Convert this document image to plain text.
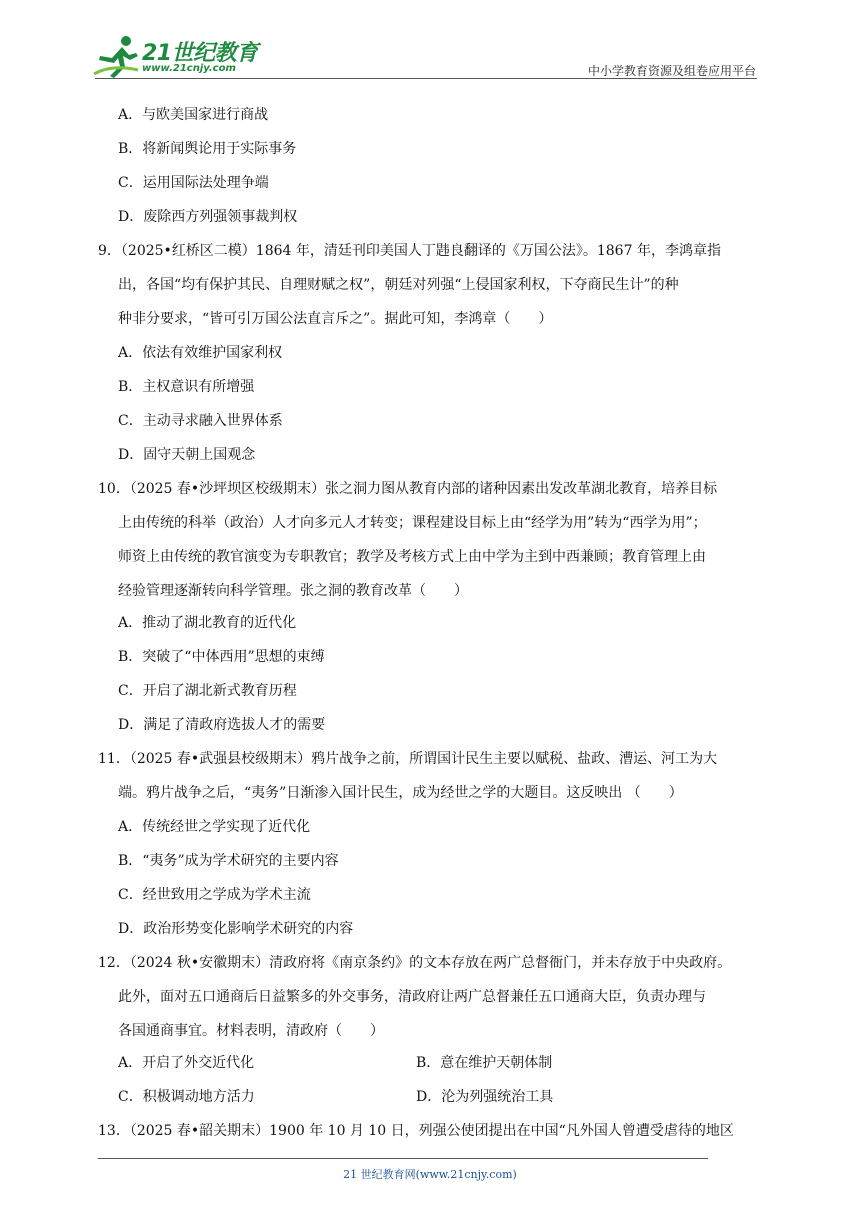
21世纪教育
www.21cnjy.com	中小学教育资源及组卷应用平台
A．与欧美国家进行商战
B．将新闻舆论用于实际事务
C．运用国际法处理争端
D．废除西方列强领事裁判权
9．（2025•红桥区二模）1864 年，清廷刊印美国人丁韪良翻译的《万国公法》。1867 年，李鸿章指
出，各国“均有保护其民、自理财赋之权”，朝廷对列强“上侵国家利权，下夺商民生计”的种
种非分要求，“皆可引万国公法直言斥之”。据此可知，李鸿章（　　）
A．依法有效维护国家利权
B．主权意识有所增强
C．主动寻求融入世界体系
D．固守天朝上国观念
10．（2025 春•沙坪坝区校级期末）张之洞力图从教育内部的诸种因素出发改革湖北教育，培养目标
上由传统的科举（政治）人才向多元人才转变；课程建设目标上由“经学为用”转为“西学为用”；
师资上由传统的教官演变为专职教官；教学及考核方式上由中学为主到中西兼顾；教育管理上由
经验管理逐渐转向科学管理。张之洞的教育改革（　　）
A．推动了湖北教育的近代化
B．突破了“中体西用”思想的束缚
C．开启了湖北新式教育历程
D．满足了清政府选拔人才的需要
11．（2025 春•武强县校级期末）鸦片战争之前，所谓国计民生主要以赋税、盐政、漕运、河工为大
端。鸦片战争之后，“夷务”日渐渗入国计民生，成为经世之学的大题目。这反映出 （　　）
A．传统经世之学实现了近代化
B．“夷务”成为学术研究的主要内容
C．经世致用之学成为学术主流
D．政治形势变化影响学术研究的内容
12．（2024 秋•安徽期末）清政府将《南京条约》的文本存放在两广总督衙门，并未存放于中央政府。
此外，面对五口通商后日益繁多的外交事务，清政府让两广总督兼任五口通商大臣，负责办理与
各国通商事宜。材料表明，清政府（　　）
A．开启了外交近代化	B．意在维护天朝体制
C．积极调动地方活力	D．沦为列强统治工具
13．（2025 春•韶关期末）1900 年 10 月 10 日，列强公使团提出在中国“凡外国人曾遭受虐待的地区
21 世纪教育网(www.21cnjy.com)
